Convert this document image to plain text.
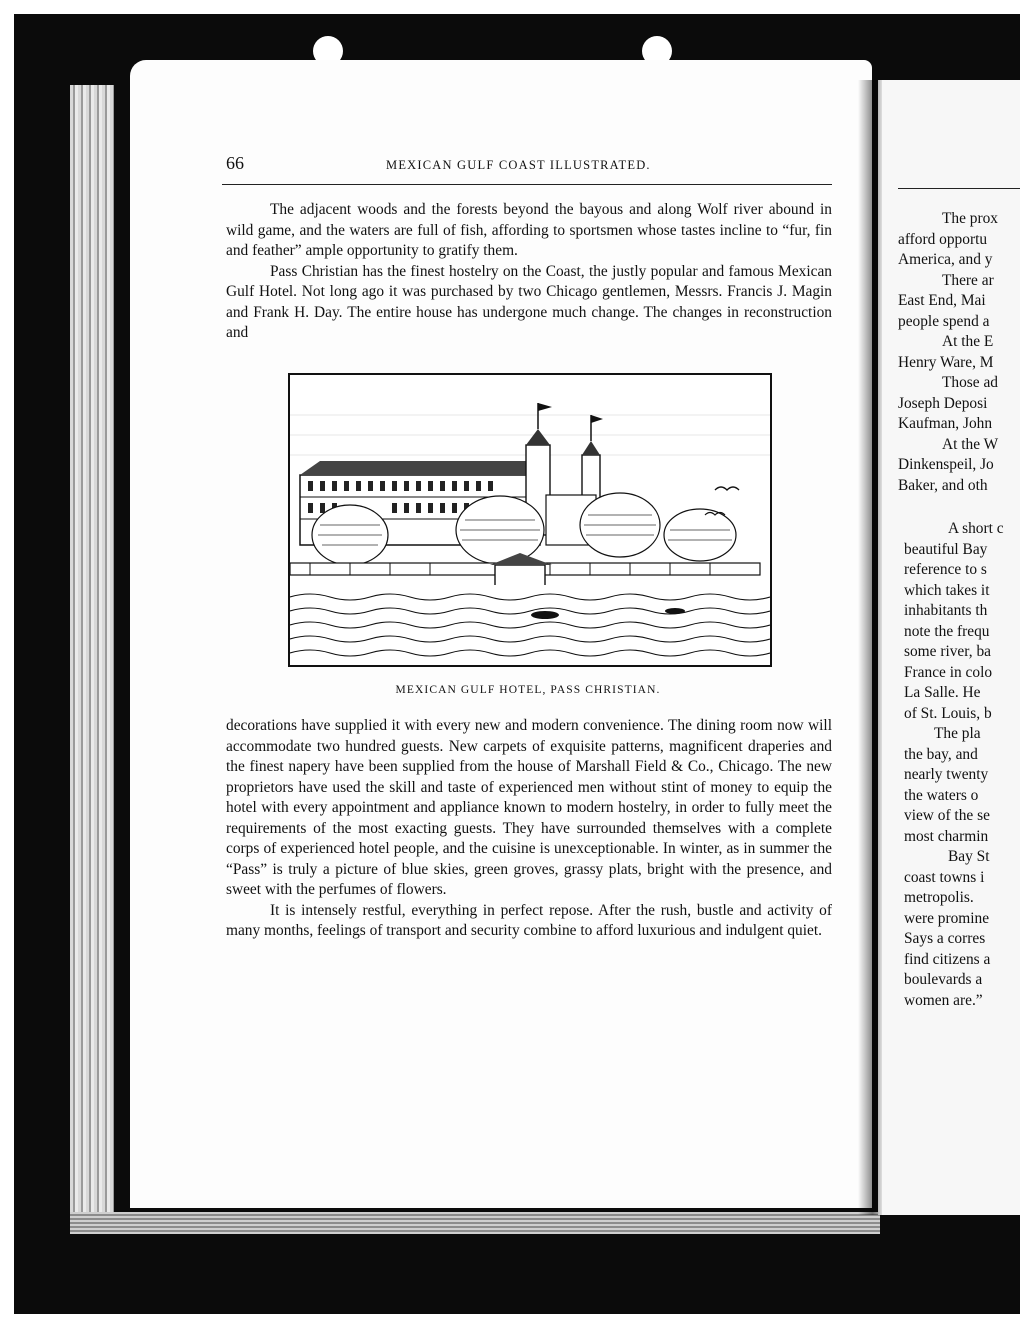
66	MEXICAN GULF COAST ILLUSTRATED.

The adjacent woods and the forests beyond the bayous and along Wolf river abound in wild game, and the waters are full of fish, affording to sportsmen whose tastes incline to “fur, fin and feather” ample opportunity to gratify them.

Pass Christian has the finest hostelry on the Coast, the justly popular and famous Mexican Gulf Hotel. Not long ago it was purchased by two Chicago gentlemen, Messrs. Francis J. Magin and Frank H. Day. The entire house has undergone much change. The changes in reconstruction and

MEXICAN GULF HOTEL, PASS CHRISTIAN.

decorations have supplied it with every new and modern convenience. The dining room now will accommodate two hundred guests. New carpets of exquisite patterns, magnificent draperies and the finest napery have been supplied from the house of Marshall Field & Co., Chicago. The new proprietors have used the skill and taste of experienced men without stint of money to equip the hotel with every appointment and appliance known to modern hostelry, in order to fully meet the requirements of the most exacting guests. They have surrounded themselves with a complete corps of experienced hotel people, and the cuisine is unexceptionable. In winter, as in summer the “Pass” is truly a picture of blue skies, green groves, grassy plats, bright with the presence, and sweet with the perfumes of flowers.

It is intensely restful, everything in perfect repose. After the rush, bustle and activity of many months, feelings of transport and security combine to afford luxurious and indulgent quiet.

The prox
afford opportu
America, and y
There ar
East End, Mai
people spend a
At the E
Henry Ware, M
Those ad
Joseph Deposi
Kaufman, John
At the W
Dinkenspeil, Jo
Baker, and oth
A short c
beautiful Bay
reference to s
which takes it
inhabitants th
note the frequ
some river, ba
France in colo
La Salle. He
of St. Louis, b
The pla
the bay, and
nearly twenty
the waters o
view of the se
most charmin
Bay St
coast towns i
metropolis.
were promine
Says a corres
find citizens a
boulevards a
women are.”
